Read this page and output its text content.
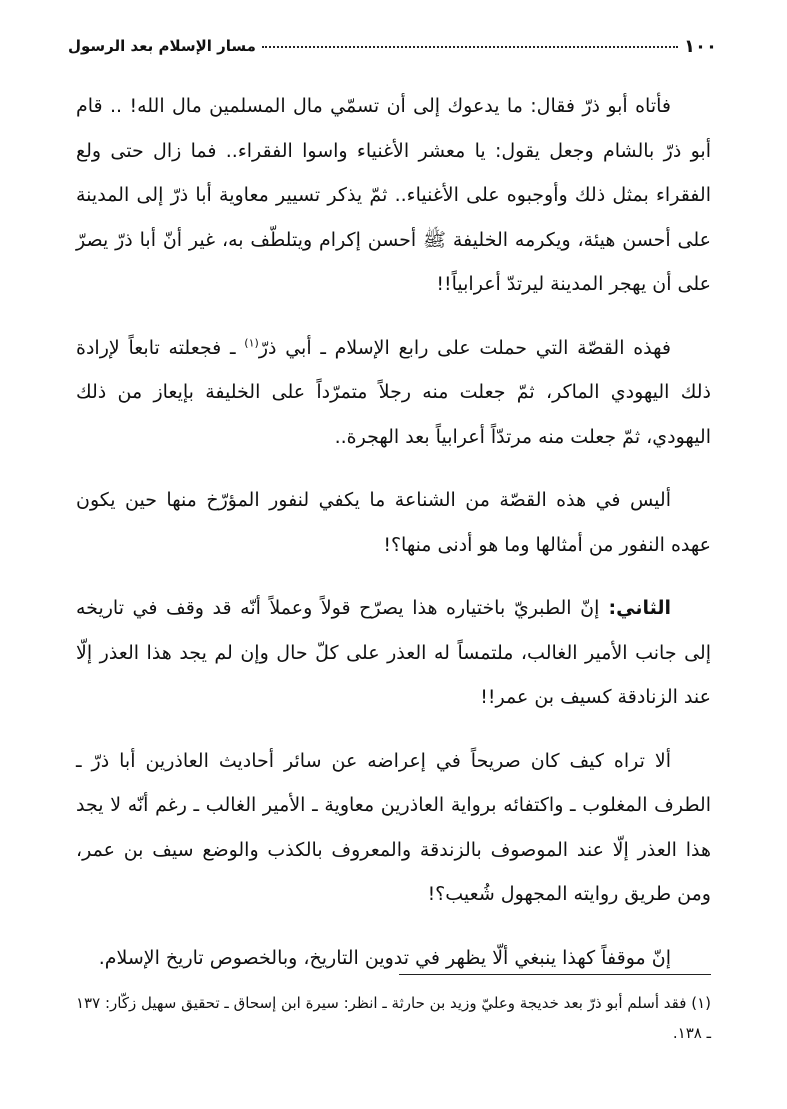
١٠٠
مسار الإسلام بعد الرسول

فأتاه أبو ذرّ فقال: ما يدعوك إلى أن تسمّي مال المسلمين مال الله! .. قام أبو ذرّ بالشام وجعل يقول: يا معشر الأغنياء واسوا الفقراء.. فما زال حتى ولع الفقراء بمثل ذلك وأوجبوه على الأغنياء.. ثمّ يذكر تسيير معاوية أبا ذرّ إلى المدينة على أحسن هيئة، ويكرمه الخليفة ﷺ أحسن إكرام ويتلطّف به، غير أنّ أبا ذرّ يصرّ على أن يهجر المدينة ليرتدّ أعرابياً!!

فهذه القصّة التي حملت على رابع الإسلام ـ أبي ذرّ$^{(١)}$ ـ فجعلته تابعاً لإرادة ذلك اليهودي الماكر، ثمّ جعلت منه رجلاً متمرّداً على الخليفة بإيعاز من ذلك اليهودي، ثمّ جعلت منه مرتدّاً أعرابياً بعد الهجرة..

أليس في هذه القصّة من الشناعة ما يكفي لنفور المؤرّخ منها حين يكون عهده النفور من أمثالها وما هو أدنى منها؟!

الثاني: إنّ الطبريّ باختياره هذا يصرّح قولاً وعملاً أنّه قد وقف في تاريخه إلى جانب الأمير الغالب، ملتمساً له العذر على كلّ حال وإن لم يجد هذا العذر إلّا عند الزنادقة كسيف بن عمر!!

ألا تراه كيف كان صريحاً في إعراضه عن سائر أحاديث العاذرين أبا ذرّ ـ الطرف المغلوب ـ واكتفائه برواية العاذرين معاوية ـ الأمير الغالب ـ رغم أنّه لا يجد هذا العذر إلّا عند الموصوف بالزندقة والمعروف بالكذب والوضع سيف بن عمر، ومن طريق روايته المجهول شُعيب؟!

إنّ موقفاً كهذا ينبغي ألّا يظهر في تدوين التاريخ، وبالخصوص تاريخ الإسلام.

(١) فقد أسلم أبو ذرّ بعد خديجة وعليّ وزيد بن حارثة ـ انظر: سيرة ابن إسحاق ـ تحقيق سهيل زكّار: ١٣٧ ـ ١٣٨.
